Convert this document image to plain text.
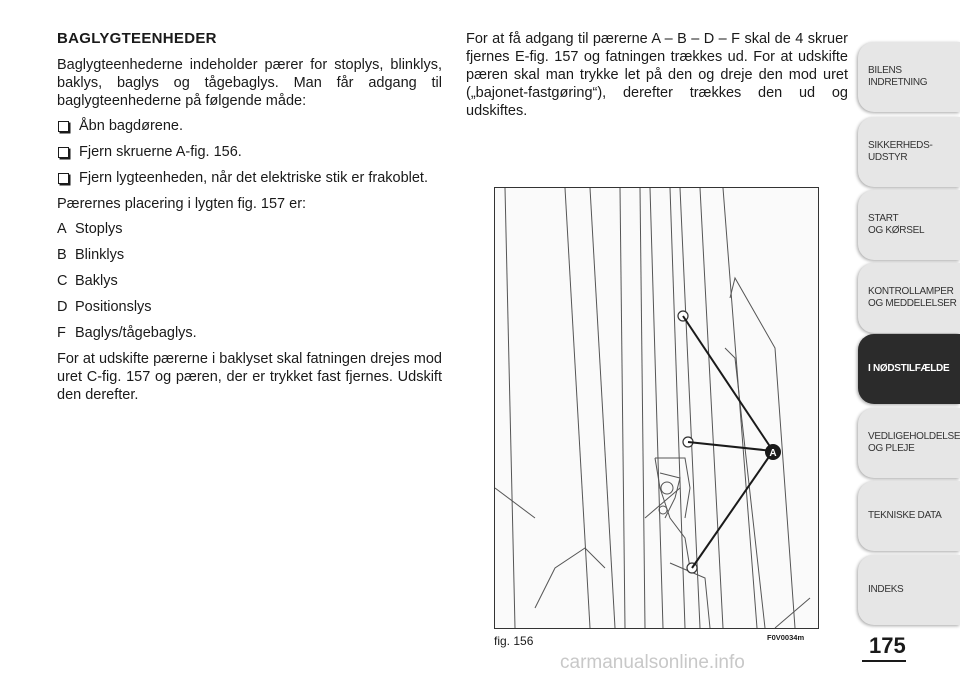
BAGLYGTEENHEDER

Baglygteenhederne indeholder pærer for stoplys, blinklys, baklys, baglys og tågebaglys. Man får adgang til baglygteenhederne på følgende måde:

Åbn bagdørene.
Fjern skruerne A-fig. 156.
Fjern lygteenheden, når det elektriske stik er frakoblet.

Pærernes placering i lygten fig. 157 er:

A Stoplys
B Blinklys
C Baklys
D Positionslys
F Baglys/tågebaglys.

For at udskifte pærerne i baklyset skal fatningen drejes mod uret C-fig. 157 og pæren, der er trykket fast fjernes. Udskift den derefter.

For at få adgang til pærerne A – B – D – F skal de 4 skruer fjernes E-fig. 157 og fatningen trækkes ud. For at udskifte pæren skal man trykke let på den og dreje den mod uret („bajonet-fastgøring“), derefter trækkes den ud og udskiftes.

A
fig. 156	F0V0034m	175
BILENS
INDRETNING
SIKKERHEDS-
UDSTYR
START
OG KØRSEL
KONTROLLAMPER
OG MEDDELELSER
I NØDSTILFÆLDE
VEDLIGEHOLDELSE
OG PLEJE
TEKNISKE DATA
INDEKS
carmanualsonline.info
